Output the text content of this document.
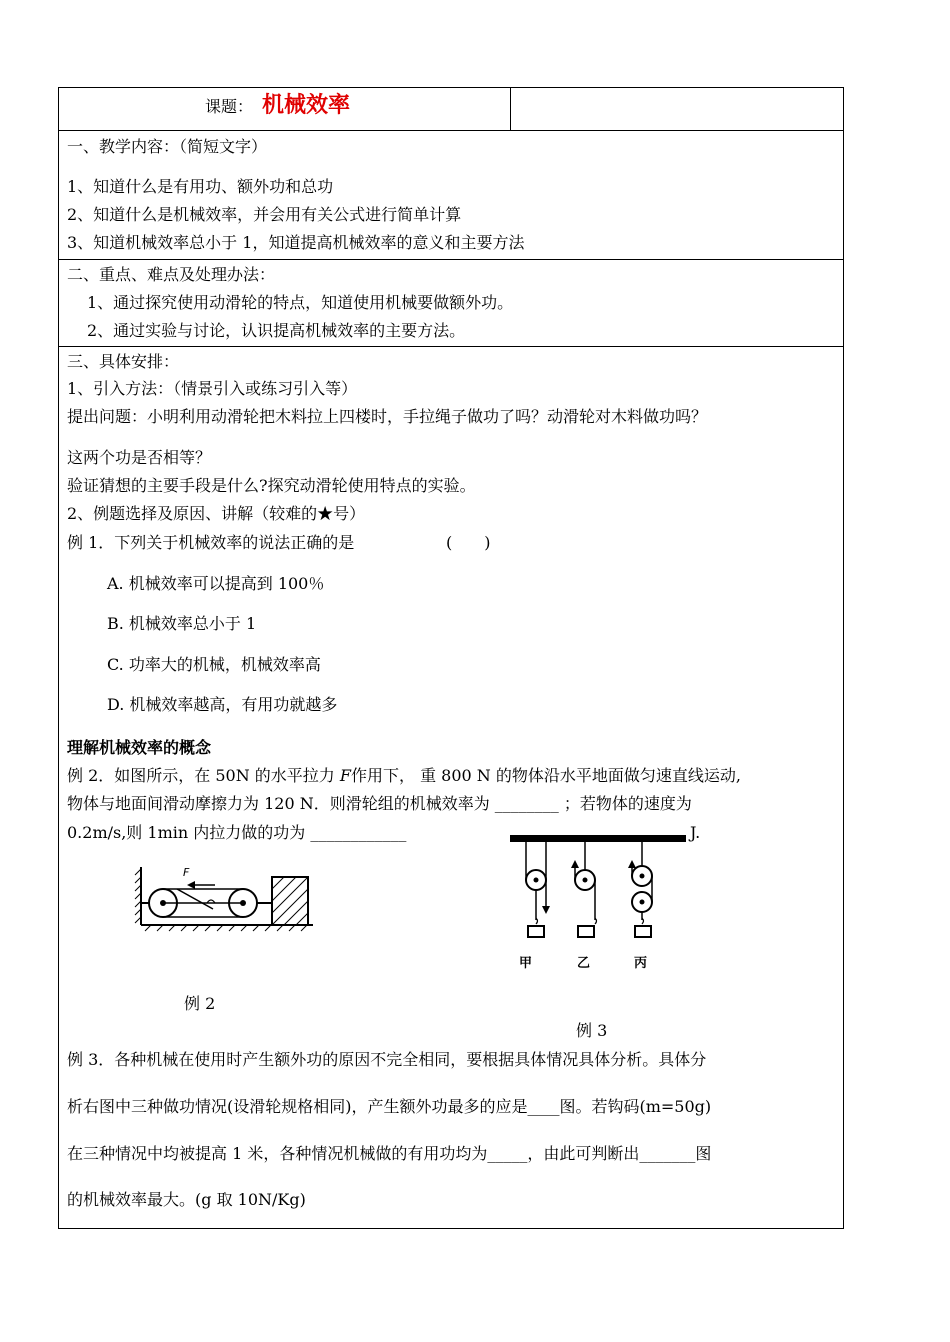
课题： 机械效率
一、教学内容：（简短文字）
1、知道什么是有用功、额外功和总功
2、知道什么是机械效率，并会用有关公式进行简单计算
3、知道机械效率总小于 1，知道提高机械效率的意义和主要方法
二、重点、难点及处理办法：
1、通过探究使用动滑轮的特点，知道使用机械要做额外功。
2、通过实验与讨论，认识提高机械效率的主要方法。
三、具体安排：
1、引入方法：（情景引入或练习引入等）
提出问题：小明利用动滑轮把木料拉上四楼时，手拉绳子做功了吗？动滑轮对木料做功吗？
这两个功是否相等？
验证猜想的主要手段是什么?探究动滑轮使用特点的实验。
2、例题选择及原因、讲解（较难的★号）
例 1．下列关于机械效率的说法正确的是	(　　)
A. 机械效率可以提高到 100％
B. 机械效率总小于 1
C. 功率大的机械，机械效率高
D. 机械效率越高，有用功就越多
理解机械效率的概念
例 2．如图所示，在 50N 的水平拉力 F作用下， 重 800 N 的物体沿水平地面做匀速直线运动,
物体与地面间滑动摩擦力为 120 N．则滑轮组的机械效率为 ________ ；若物体的速度为
0.2m/s,则 1min 内拉力做的功为 ____________	J.
F
例 2
甲	乙	丙
例 3
例 3．各种机械在使用时产生额外功的原因不完全相同，要根据具体情况具体分析。具体分
析右图中三种做功情况(设滑轮规格相同)，产生额外功最多的应是____图。若钩码(m=50g)
在三种情况中均被提高 1 米，各种情况机械做的有用功均为_____，由此可判断出_______图
的机械效率最大。(g 取 10N/Kg)
